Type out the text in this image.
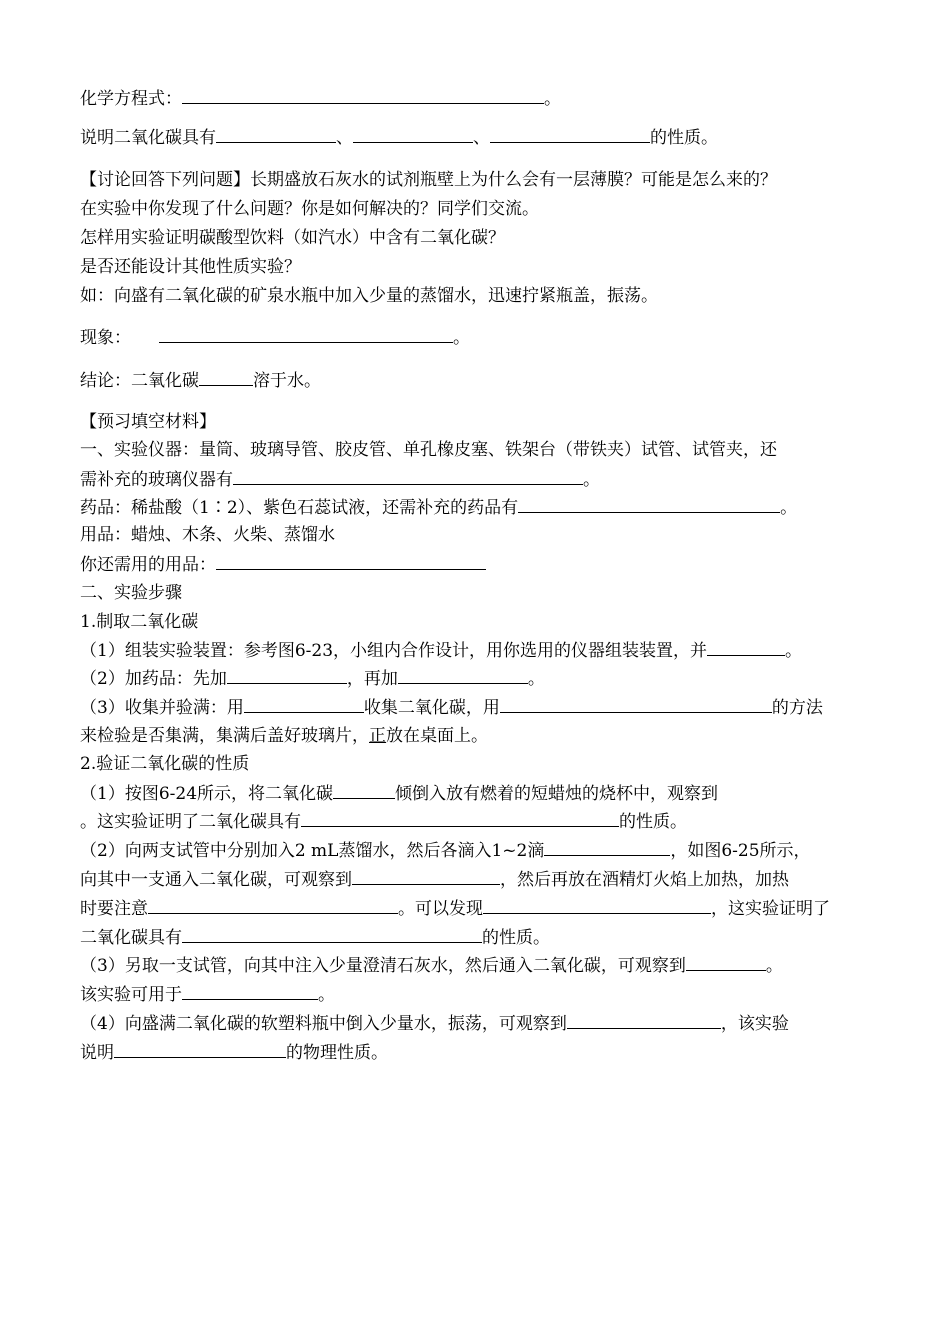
化学方程式：	。
说明二氧化碳具有	、	、	的性质。
【讨论回答下列问题】长期盛放石灰水的试剂瓶壁上为什么会有一层薄膜？可能是怎么来的？
在实验中你发现了什么问题？你是如何解决的？同学们交流。
怎样用实验证明碳酸型饮料（如汽水）中含有二氧化碳？
是否还能设计其他性质实验？
如：向盛有二氧化碳的矿泉水瓶中加入少量的蒸馏水，迅速拧紧瓶盖，振荡。
现象：	。
结论：二氧化碳	溶于水。
【预习填空材料】
一、实验仪器：量筒、玻璃导管、胶皮管、单孔橡皮塞、铁架台（带铁夹）试管、试管夹，还
需补充的玻璃仪器有	。
药品：稀盐酸（1∶2）、紫色石蕊试液，还需补充的药品有	。
用品：蜡烛、木条、火柴、蒸馏水
你还需用的用品：
二、实验步骤
1.制取二氧化碳
（1）组装实验装置：参考图6-23，小组内合作设计，用你选用的仪器组装装置，并	。
（2）加药品：先加	，再加	。
（3）收集并验满：用	收集二氧化碳，用	的方法
来检验是否集满，集满后盖好玻璃片，正放在桌面上。
2.验证二氧化碳的性质
（1）按图6-24所示，将二氧化碳	倾倒入放有燃着的短蜡烛的烧杯中，观察到
。这实验证明了二氧化碳具有	的性质。
（2）向两支试管中分别加入2 mL蒸馏水，然后各滴入1~2滴	，如图6-25所示，
向其中一支通入二氧化碳，可观察到	，然后再放在酒精灯火焰上加热，加热
时要注意	。可以发现	，这实验证明了
二氧化碳具有	的性质。
（3）另取一支试管，向其中注入少量澄清石灰水，然后通入二氧化碳，可观察到	。
该实验可用于	。
（4）向盛满二氧化碳的软塑料瓶中倒入少量水，振荡，可观察到	，该实验
说明	的物理性质。
